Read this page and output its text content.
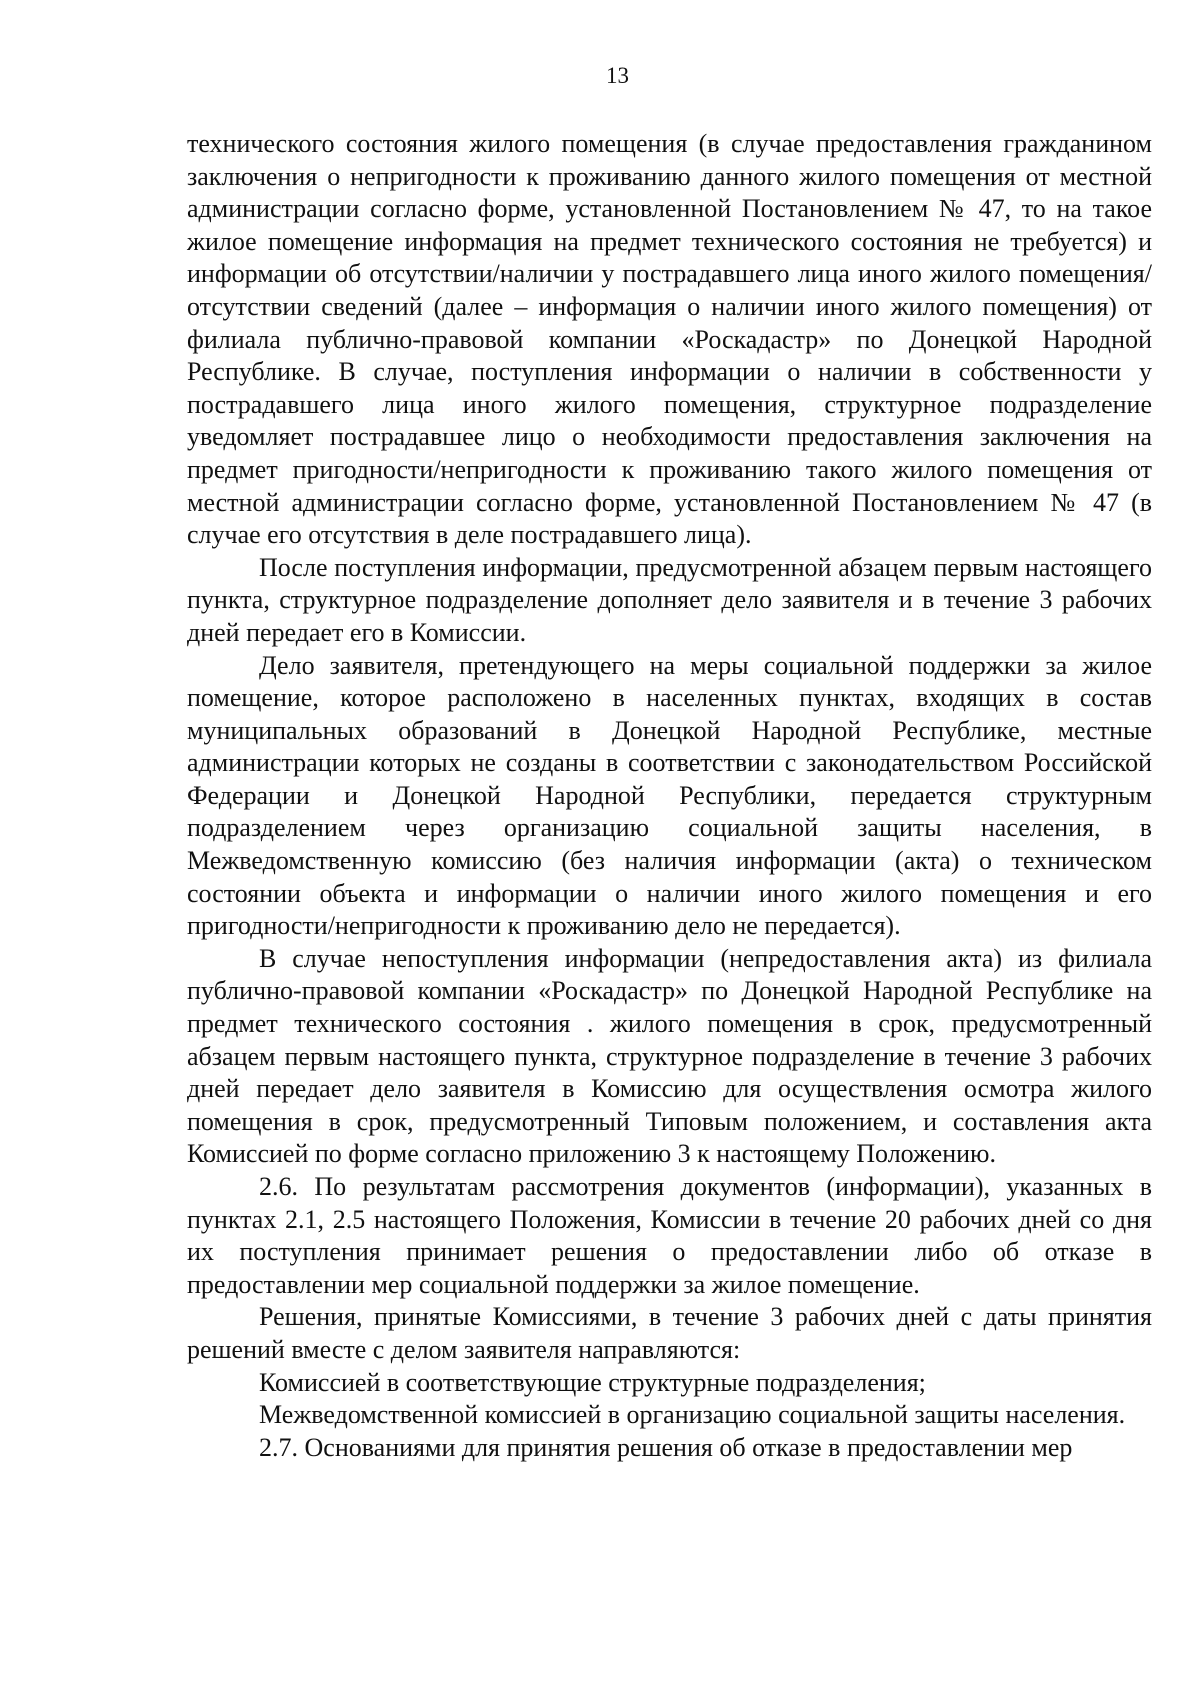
13

технического состояния жилого помещения (в случае предоставления гражданином заключения о непригодности к проживанию данного жилого помещения от местной администрации согласно форме, установленной Постановлением № 47, то на такое жилое помещение информация на предмет технического состояния не требуется) и информации об отсутствии/наличии у пострадавшего лица иного жилого помещения/отсутствии сведений (далее – информация о наличии иного жилого помещения) от филиала публично-правовой компании «Роскадастр» по Донецкой Народной Республике. В случае, поступления информации о наличии в собственности у пострадавшего лица иного жилого помещения, структурное подразделение уведомляет пострадавшее лицо о необходимости предоставления заключения на предмет пригодности/непригодности к проживанию такого жилого помещения от местной администрации согласно форме, установленной Постановлением № 47 (в случае его отсутствия в деле пострадавшего лица).

После поступления информации, предусмотренной абзацем первым настоящего пункта, структурное подразделение дополняет дело заявителя и в течение 3 рабочих дней передает его в Комиссии.

Дело заявителя, претендующего на меры социальной поддержки за жилое помещение, которое расположено в населенных пунктах, входящих в состав муниципальных образований в Донецкой Народной Республике, местные администрации которых не созданы в соответствии с законодательством Российской Федерации и Донецкой Народной Республики, передается структурным подразделением через организацию социальной защиты населения, в Межведомственную комиссию (без наличия информации (акта) о техническом состоянии объекта и информации о наличии иного жилого помещения и его пригодности/непригодности к проживанию дело не передается).

В случае непоступления информации (непредоставления акта) из филиала публично-правовой компании «Роскадастр» по Донецкой Народной Республике на предмет технического состояния . жилого помещения в срок, предусмотренный абзацем первым настоящего пункта, структурное подразделение в течение 3 рабочих дней передает дело заявителя в Комиссию для осуществления осмотра жилого помещения в срок, предусмотренный Типовым положением, и составления акта Комиссией по форме согласно приложению 3 к настоящему Положению.

2.6. По результатам рассмотрения документов (информации), указанных в пунктах 2.1, 2.5 настоящего Положения, Комиссии в течение 20 рабочих дней со дня их поступления принимает решения о предоставлении либо об отказе в предоставлении мер социальной поддержки за жилое помещение.

Решения, принятые Комиссиями, в течение 3 рабочих дней с даты принятия решений вместе с делом заявителя направляются:

Комиссией в соответствующие структурные подразделения;

Межведомственной комиссией в организацию социальной защиты населения.

2.7. Основаниями для принятия решения об отказе в предоставлении мер
